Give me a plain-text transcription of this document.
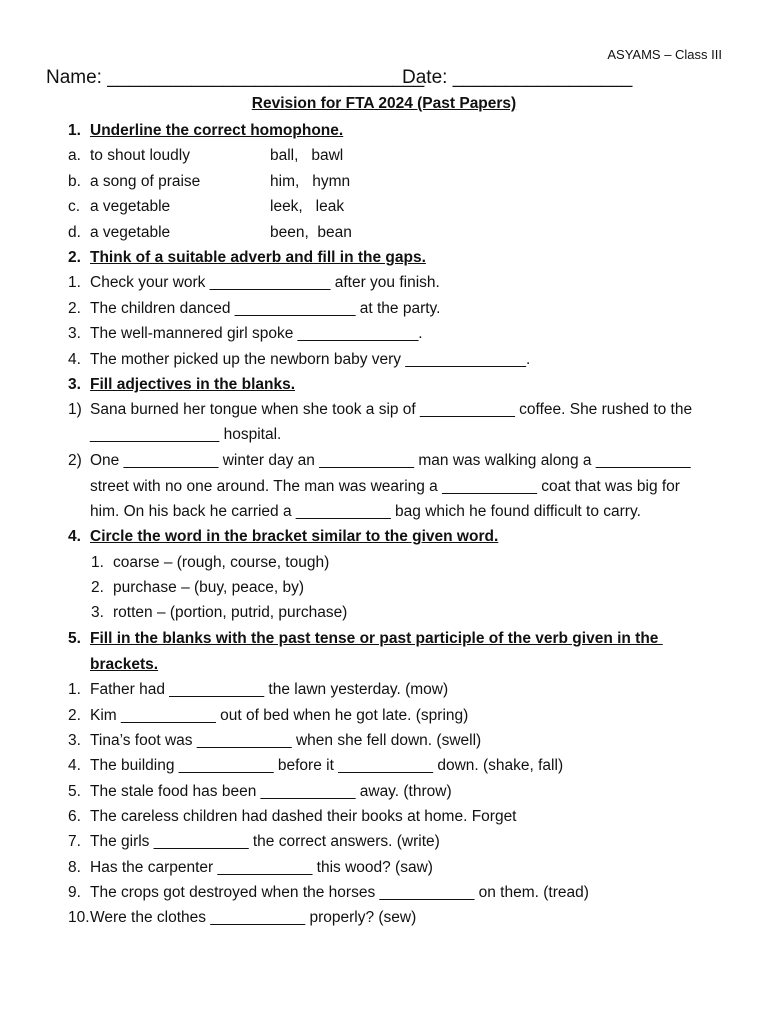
ASYAMS – Class III
Name: ______________________________
Date: _________________
Revision for FTA 2024 (Past Papers)
1. Underline the correct homophone.
a. to shout loudly	ball,   bawl
b. a song of praise	him,   hymn
c. a vegetable	leek,   leak
d. a vegetable	been,  bean
2. Think of a suitable adverb and fill in the gaps.
1. Check your work ______________ after you finish.
2. The children danced ______________ at the party.
3. The well-mannered girl spoke ______________.
4. The mother picked up the newborn baby very ______________.
3. Fill adjectives in the blanks.
1) Sana burned her tongue when she took a sip of ___________ coffee. She rushed to the
_______________ hospital.
2) One ___________ winter day an ___________ man was walking along a ___________
street with no one around. The man was wearing a ___________ coat that was big for
him. On his back he carried a ___________ bag which he found difficult to carry.
4. Circle the word in the bracket similar to the given word.
1. coarse – (rough, course, tough)
2. purchase – (buy, peace, by)
3. rotten – (portion, putrid, purchase)
5. Fill in the blanks with the past tense or past participle of the verb given in the
brackets.
1. Father had ___________ the lawn yesterday. (mow)
2. Kim ___________ out of bed when he got late. (spring)
3. Tina’s foot was ___________ when she fell down. (swell)
4. The building ___________ before it ___________ down. (shake, fall)
5. The stale food has been ___________ away. (throw)
6. The careless children had dashed their books at home. Forget
7. The girls ___________ the correct answers. (write)
8. Has the carpenter ___________ this wood? (saw)
9. The crops got destroyed when the horses ___________ on them. (tread)
10. Were the clothes ___________ properly? (sew)
